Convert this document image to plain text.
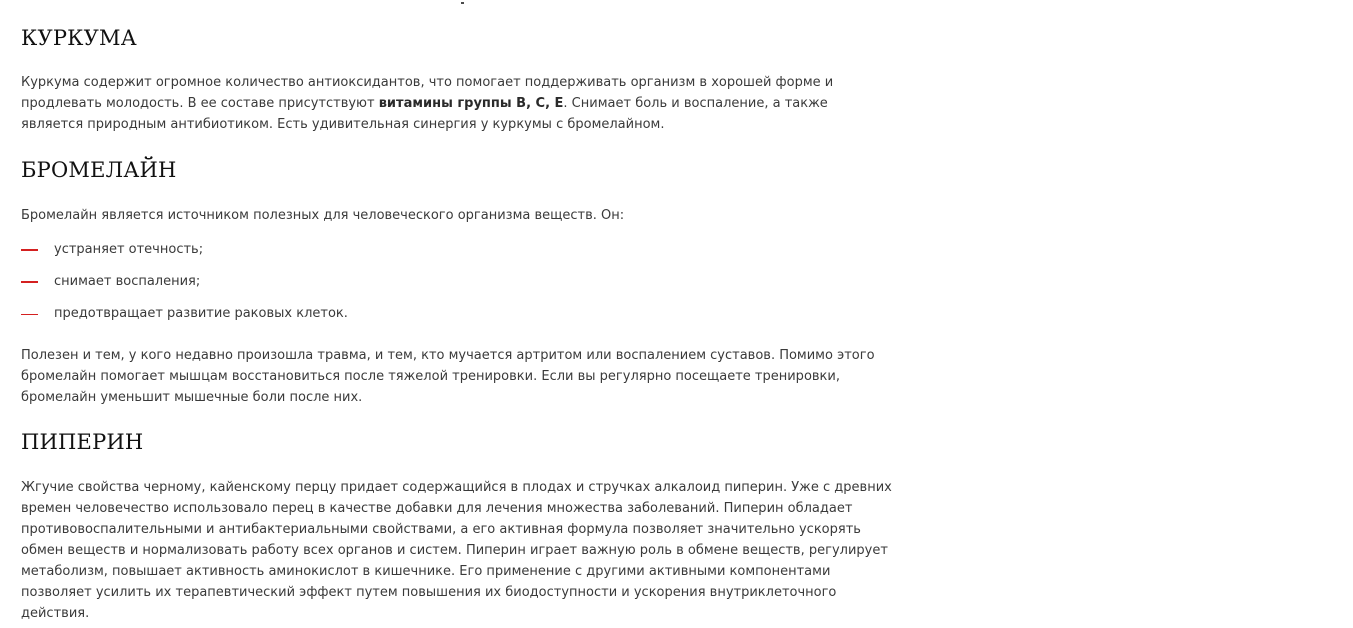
КУРКУМА

Куркума содержит огромное количество антиоксидантов, что помогает поддерживать организм в хорошей форме и продлевать молодость. В ее составе присутствуют витамины группы B, C, E. Снимает боль и воспаление, а также является природным антибиотиком. Есть удивительная синергия у куркумы с бромелайном.

БРОМЕЛАЙН

Бромелайн является источником полезных для человеческого организма веществ. Он:

устраняет отечность;
снимает воспаления;
предотвращает развитие раковых клеток.

Полезен и тем, у кого недавно произошла травма, и тем, кто мучается артритом или воспалением суставов. Помимо этого бромелайн помогает мышцам восстановиться после тяжелой тренировки. Если вы регулярно посещаете тренировки, бромелайн уменьшит мышечные боли после них.

ПИПЕРИН

Жгучие свойства черному, кайенскому перцу придает содержащийся в плодах и стручках алкалоид пиперин. Уже с древних времен человечество использовало перец в качестве добавки для лечения множества заболеваний. Пиперин обладает противовоспалительными и антибактериальными свойствами, а его активная формула позволяет значительно ускорять обмен веществ и нормализовать работу всех органов и систем. Пиперин играет важную роль в обмене веществ, регулирует метаболизм, повышает активность аминокислот в кишечнике. Его применение с другими активными компонентами позволяет усилить их терапевтический эффект путем повышения их биодоступности и ускорения внутриклеточного действия.
